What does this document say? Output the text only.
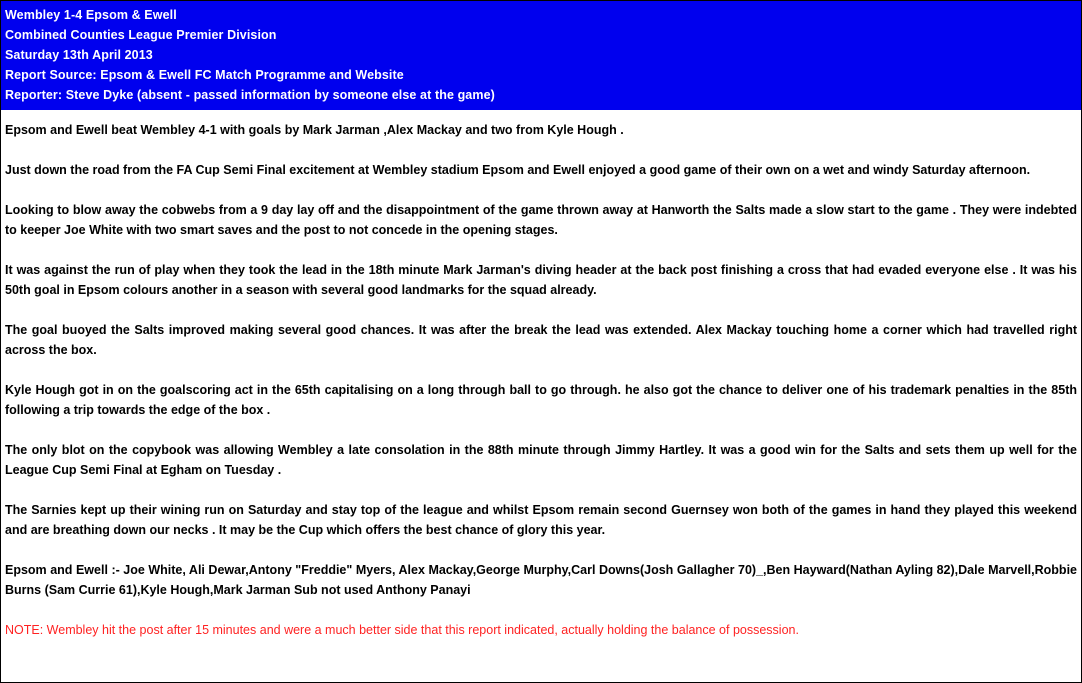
Wembley 1-4 Epsom & Ewell
Combined Counties League Premier Division
Saturday 13th April 2013
Report Source: Epsom & Ewell FC Match Programme and Website
Reporter: Steve Dyke (absent - passed information by someone else at the game)

Epsom and Ewell beat Wembley 4-1 with goals by Mark Jarman ,Alex Mackay and two from Kyle Hough .

Just down the road from the FA Cup Semi Final excitement at Wembley stadium Epsom and Ewell enjoyed a good game of their own on a wet and windy Saturday afternoon.

Looking to blow away the cobwebs from a 9 day lay off and the disappointment of the game thrown away at Hanworth the Salts made a slow start to the game . They were indebted to keeper Joe White with two smart saves and the post to not concede in the opening stages.

It was against the run of play when they took the lead in the 18th minute Mark Jarman's diving header at the back post finishing a cross that had evaded everyone else . It was his 50th goal in Epsom colours another in a season with several good landmarks for the squad already.

The goal buoyed the Salts improved making several good chances. It was after the break the lead was extended. Alex Mackay touching home a corner which had travelled right across the box.

Kyle Hough got in on the goalscoring act in the 65th capitalising on a long through ball to go through. he also got the chance to deliver one of his trademark penalties in the 85th following a trip towards the edge of the box .

The only blot on the copybook was allowing Wembley a late consolation in the 88th minute through Jimmy Hartley. It was a good win for the Salts and sets them up well for the League Cup Semi Final at Egham on Tuesday .

The Sarnies kept up their wining run on Saturday and stay top of the league and whilst Epsom remain second Guernsey won both of the games in hand they played this weekend and are breathing down our necks . It may be the Cup which offers the best chance of glory this year.

Epsom and Ewell :- Joe White, Ali Dewar,Antony "Freddie" Myers, Alex Mackay,George Murphy,Carl Downs(Josh Gallagher 70)_,Ben Hayward(Nathan Ayling 82),Dale Marvell,Robbie Burns (Sam Currie 61),Kyle Hough,Mark Jarman Sub not used Anthony Panayi

NOTE: Wembley hit the post after 15 minutes and were a much better side that this report indicated, actually holding the balance of possession.
